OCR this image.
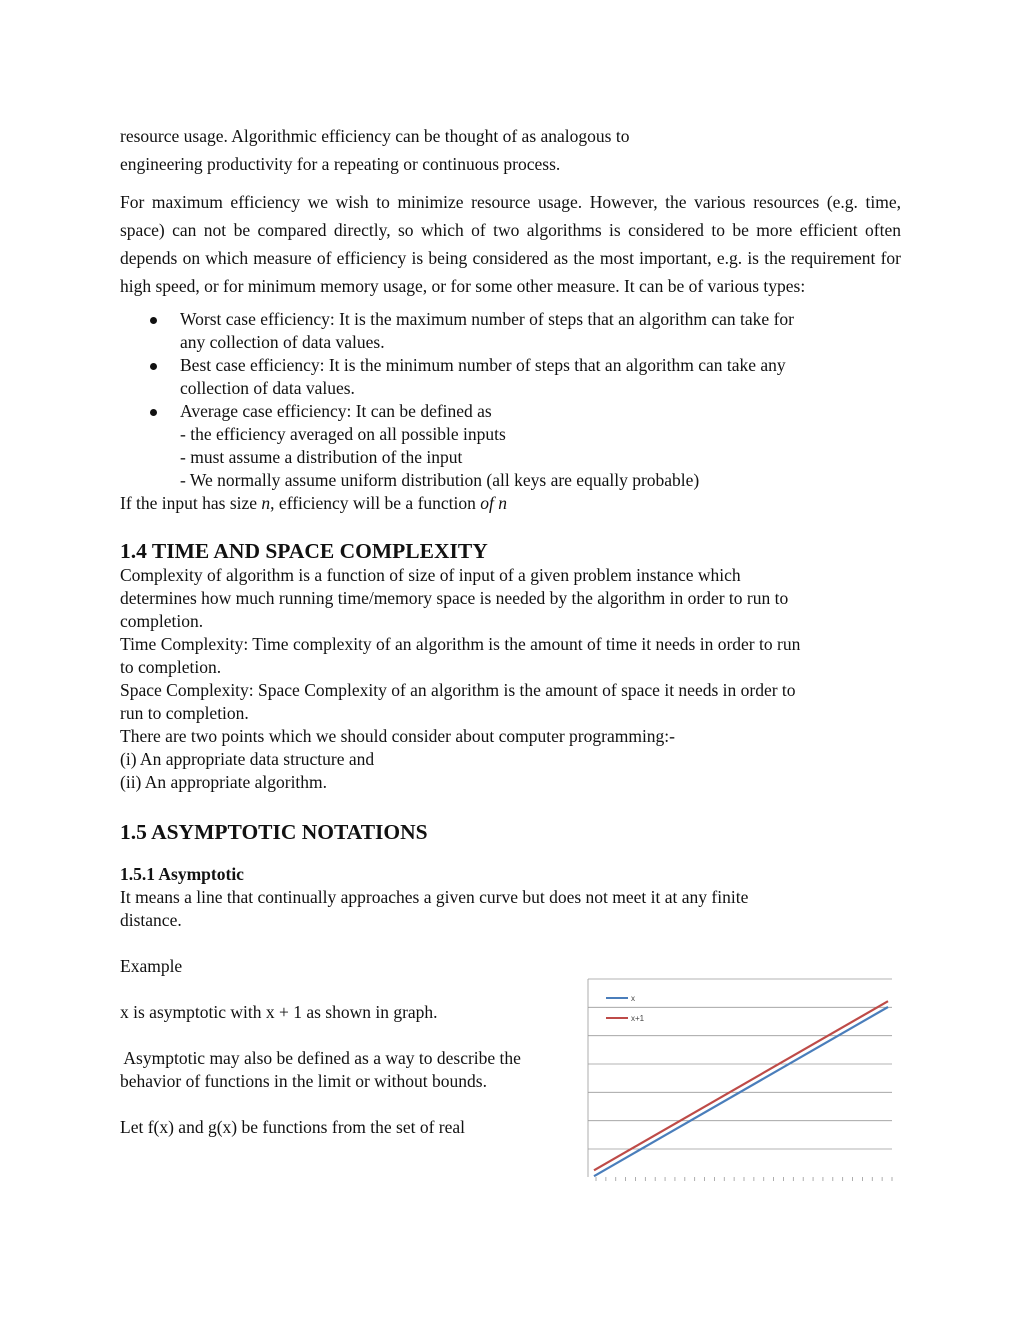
resource usage. Algorithmic efficiency can be thought of as analogous to

engineering productivity for a repeating or continuous process.

For maximum efficiency we wish to minimize resource usage. However, the various resources (e.g. time, space) can not be compared directly, so which of two algorithms is considered to be more efficient often depends on which measure of efficiency is being considered as the most important, e.g. is the requirement for high speed, or for minimum memory usage, or for some other measure. It can be of various types:

Worst case efficiency: It is the maximum number of steps that an algorithm can take for
any collection of data values.
Best case efficiency: It is the minimum number of steps that an algorithm can take any
collection of data values.
Average case efficiency: It can be defined as
- the efficiency averaged on all possible inputs
- must assume a distribution of the input
- We normally assume uniform distribution (all keys are equally probable)

If the input has size n, efficiency will be a function of n

1.4 TIME AND SPACE COMPLEXITY

Complexity of algorithm is a function of size of input of a given problem instance which

determines how much running time/memory space is needed by the algorithm in order to run to

completion.

Time Complexity: Time complexity of an algorithm is the amount of time it needs in order to run

to completion.

Space Complexity: Space Complexity of an algorithm is the amount of space it needs in order to

run to completion.

There are two points which we should consider about computer programming:-

(i) An appropriate data structure and

(ii) An appropriate algorithm.

1.5 ASYMPTOTIC NOTATIONS
1.5.1 Asymptotic

It means a line that continually approaches a given curve but does not meet it at any finite

distance.

Example

x is asymptotic with x + 1 as shown in graph.

Asymptotic may also be defined as a way to describe the

behavior of functions in the limit or without bounds.

Let f(x) and g(x) be functions from the set of real

x
x+1
